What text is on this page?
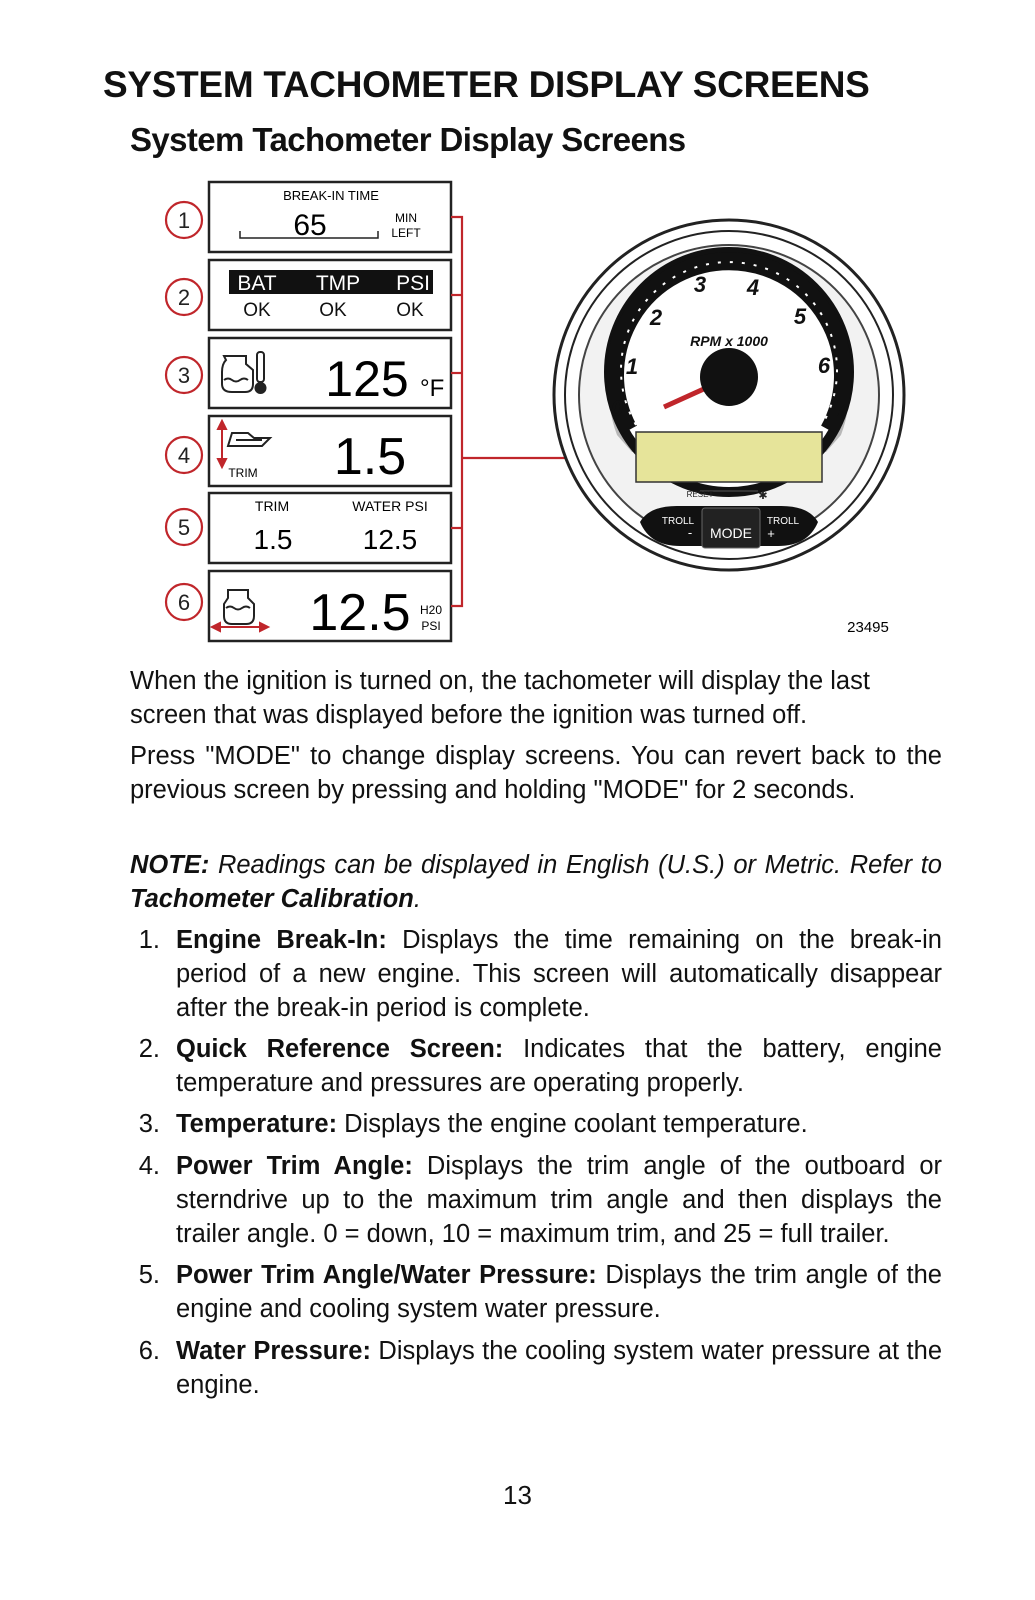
SYSTEM TACHOMETER DISPLAY SCREENS
System Tachometer Display Screens
1
2
3
4
5
6
BREAK-IN TIME
65	MIN
LEFT
BAT TMP PSI
OK	OK	OK
125 °F
TRIM 1.5
TRIM	WATER PSI
1.5	12.5
12.5 H20
PSI
0
1
2
3 4
5
6
7
RPM x 1000
RESET	✱
TROLL
- MODE
TROLL
+
23495
When the ignition is turned on, the tachometer will display the last screen that was displayed before the ignition was turned off.
Press "MODE" to change display screens. You can revert back to the previous screen by pressing and holding "MODE" for 2 seconds.
NOTE: Readings can be displayed in English (U.S.) or Metric. Refer to Tachometer Calibration.
1. Engine Break-In: Displays the time remaining on the break-in period of a new engine. This screen will automatically disappear after the break-in period is complete.
2. Quick Reference Screen: Indicates that the battery, engine temperature and pressures are operating properly.
3. Temperature: Displays the engine coolant temperature.
4. Power Trim Angle: Displays the trim angle of the outboard or sterndrive up to the maximum trim angle and then displays the trailer angle. 0 = down, 10 = maximum trim, and 25 = full trailer.
5. Power Trim Angle/Water Pressure: Displays the trim angle of the engine and cooling system water pressure.
6. Water Pressure: Displays the cooling system water pressure at the engine.
13
